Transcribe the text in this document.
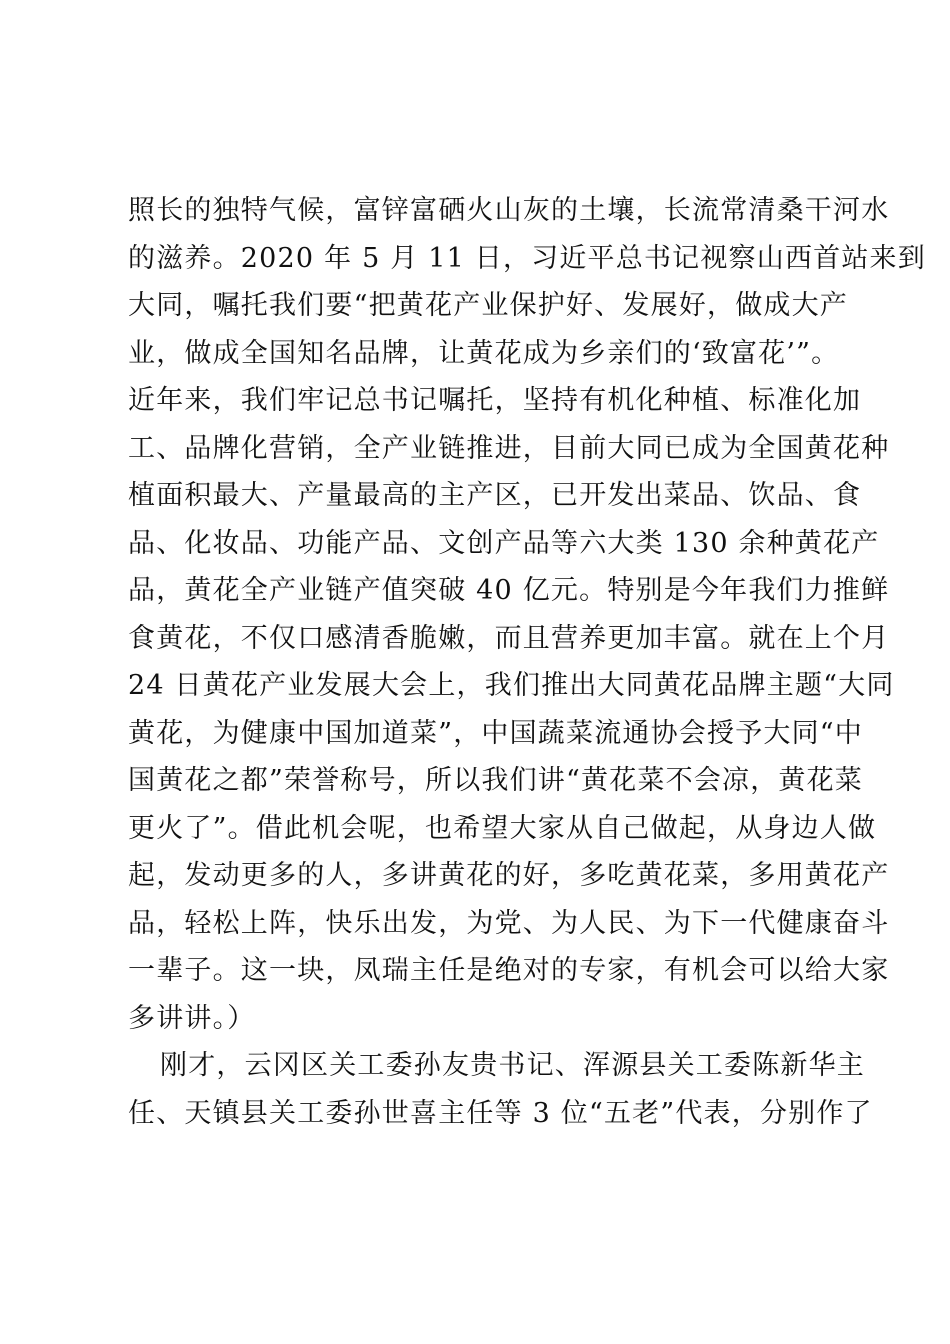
照长的独特气候，富锌富硒火山灰的土壤，长流常清桑干河水
的滋养。2020 年 5 月 11 日，习近平总书记视察山西首站来到
大同，嘱托我们要“把黄花产业保护好、发展好，做成大产
业，做成全国知名品牌，让黄花成为乡亲们的‘致富花’”。
近年来，我们牢记总书记嘱托，坚持有机化种植、标准化加
工、品牌化营销，全产业链推进，目前大同已成为全国黄花种
植面积最大、产量最高的主产区，已开发出菜品、饮品、食
品、化妆品、功能产品、文创产品等六大类 130 余种黄花产
品，黄花全产业链产值突破 40 亿元。特别是今年我们力推鲜
食黄花，不仅口感清香脆嫩，而且营养更加丰富。就在上个月
24 日黄花产业发展大会上，我们推出大同黄花品牌主题“大同
黄花，为健康中国加道菜”，中国蔬菜流通协会授予大同“中
国黄花之都”荣誉称号，所以我们讲“黄花菜不会凉，黄花菜
更火了”。借此机会呢，也希望大家从自己做起，从身边人做
起，发动更多的人，多讲黄花的好，多吃黄花菜，多用黄花产
品，轻松上阵，快乐出发，为党、为人民、为下一代健康奋斗
一辈子。这一块，凤瑞主任是绝对的专家，有机会可以给大家
多讲讲。）
刚才，云冈区关工委孙友贵书记、浑源县关工委陈新华主
任、天镇县关工委孙世喜主任等 3 位“五老”代表，分别作了
